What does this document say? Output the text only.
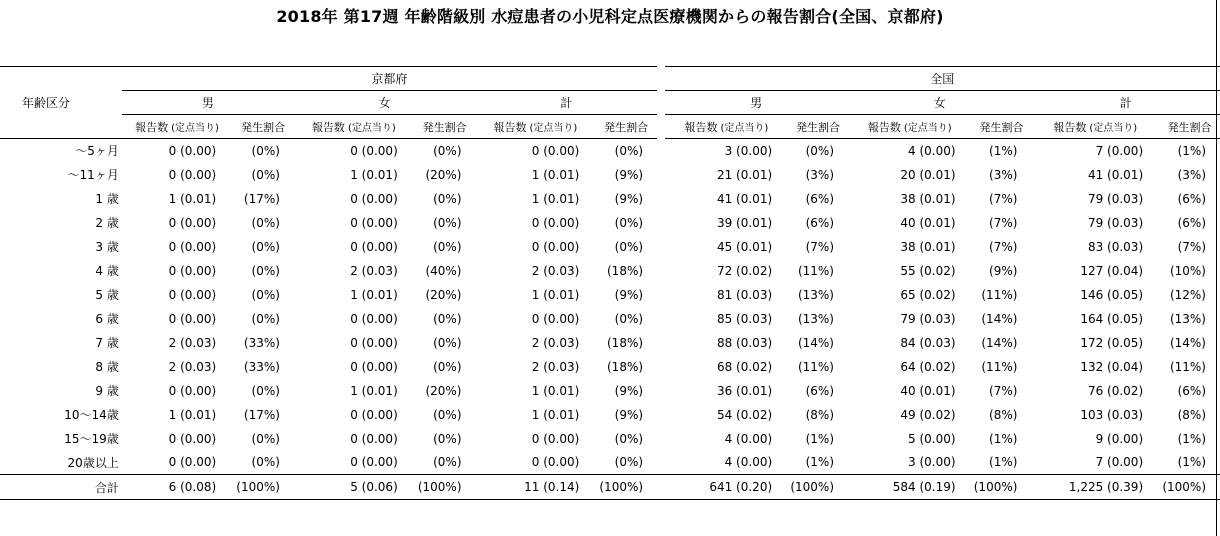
2018年 第17週 年齢階級別 水痘患者の小児科定点医療機関からの報告割合(全国、京都府)
年齢区分	京都府							全国					
	男		女		計			男		女		計	
	報告数 (定点当り)	発生割合	報告数 (定点当り)	発生割合	報告数 (定点当り)	発生割合		報告数 (定点当り)	発生割合	報告数 (定点当り)	発生割合	報告数 (定点当り)	発生割合
～5ヶ月	0 (0.00)	(0%)	0 (0.00)	(0%)	0 (0.00)	(0%)		3 (0.00)	(0%)	4 (0.00)	(1%)	7 (0.00)	(1%)
～11ヶ月	0 (0.00)	(0%)	1 (0.01)	(20%)	1 (0.01)	(9%)		21 (0.01)	(3%)	20 (0.01)	(3%)	41 (0.01)	(3%)
1 歳	1 (0.01)	(17%)	0 (0.00)	(0%)	1 (0.01)	(9%)		41 (0.01)	(6%)	38 (0.01)	(7%)	79 (0.03)	(6%)
2 歳	0 (0.00)	(0%)	0 (0.00)	(0%)	0 (0.00)	(0%)		39 (0.01)	(6%)	40 (0.01)	(7%)	79 (0.03)	(6%)
3 歳	0 (0.00)	(0%)	0 (0.00)	(0%)	0 (0.00)	(0%)		45 (0.01)	(7%)	38 (0.01)	(7%)	83 (0.03)	(7%)
4 歳	0 (0.00)	(0%)	2 (0.03)	(40%)	2 (0.03)	(18%)		72 (0.02)	(11%)	55 (0.02)	(9%)	127 (0.04)	(10%)
5 歳	0 (0.00)	(0%)	1 (0.01)	(20%)	1 (0.01)	(9%)		81 (0.03)	(13%)	65 (0.02)	(11%)	146 (0.05)	(12%)
6 歳	0 (0.00)	(0%)	0 (0.00)	(0%)	0 (0.00)	(0%)		85 (0.03)	(13%)	79 (0.03)	(14%)	164 (0.05)	(13%)
7 歳	2 (0.03)	(33%)	0 (0.00)	(0%)	2 (0.03)	(18%)		88 (0.03)	(14%)	84 (0.03)	(14%)	172 (0.05)	(14%)
8 歳	2 (0.03)	(33%)	0 (0.00)	(0%)	2 (0.03)	(18%)		68 (0.02)	(11%)	64 (0.02)	(11%)	132 (0.04)	(11%)
9 歳	0 (0.00)	(0%)	1 (0.01)	(20%)	1 (0.01)	(9%)		36 (0.01)	(6%)	40 (0.01)	(7%)	76 (0.02)	(6%)
10～14歳	1 (0.01)	(17%)	0 (0.00)	(0%)	1 (0.01)	(9%)		54 (0.02)	(8%)	49 (0.02)	(8%)	103 (0.03)	(8%)
15～19歳	0 (0.00)	(0%)	0 (0.00)	(0%)	0 (0.00)	(0%)		4 (0.00)	(1%)	5 (0.00)	(1%)	9 (0.00)	(1%)
20歳以上	0 (0.00)	(0%)	0 (0.00)	(0%)	0 (0.00)	(0%)		4 (0.00)	(1%)	3 (0.00)	(1%)	7 (0.00)	(1%)
合計	6 (0.08)	(100%)	5 (0.06)	(100%)	11 (0.14)	(100%)		641 (0.20)	(100%)	584 (0.19)	(100%)	1,225 (0.39)	(100%)
